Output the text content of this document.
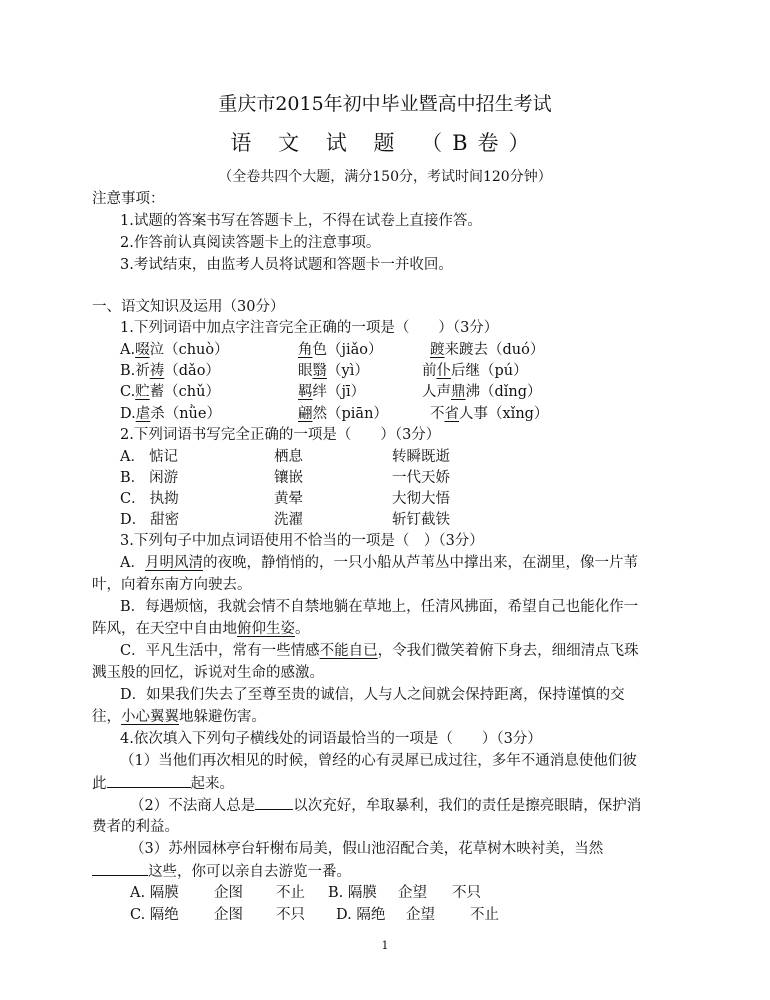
重庆市2015年初中毕业暨高中招生考试
语 文 试 题 （B卷）
（全卷共四个大题，满分150分，考试时间120分钟）
注意事项：
1.试题的答案书写在答题卡上，不得在试卷上直接作答。
2.作答前认真阅读答题卡上的注意事项。
3.考试结束，由监考人员将试题和答题卡一并收回。
一、语文知识及运用（30分）
1.下列词语中加点字注音完全正确的一项是（　　）（3分）
A.啜泣（chuò）	角色（jiǎo）	踱来踱去（duó）
B.祈祷（dǎo）	眼翳（yì）	前仆后继（pú）
C.贮蓄（chǔ）	羁绊（jī）	人声鼎沸（dǐng）
D.虐杀（nǜe）	翩然（piān）	不省人事（xǐng）
2.下列词语书写完全正确的一项是（　　）（3分）
A． 惦记	栖息	转瞬既逝
B． 闲游	镶嵌	一代天娇
C． 执拗	黄晕	大彻大悟
D． 甜密	洗濯	斩钉截铁
3.下列句子中加点词语使用不恰当的一项是（　）（3分）
A．月明风清的夜晚，静悄悄的，一只小船从芦苇丛中撑出来，在湖里，像一片苇
叶，向着东南方向驶去。
B．每遇烦恼，我就会情不自禁地躺在草地上，任清风拂面，希望自己也能化作一
阵风，在天空中自由地俯仰生姿。
C．平凡生活中，常有一些情感不能自已，令我们微笑着俯下身去，细细清点飞珠
溅玉般的回忆，诉说对生命的感激。
D．如果我们失去了至尊至贵的诚信，人与人之间就会保持距离，保持谨慎的交
往，小心翼翼地躲避伤害。
4.依次填入下列句子横线处的词语最恰当的一项是（　　）（3分）
（1）当他们再次相见的时候，曾经的心有灵犀已成过往，多年不通消息使他们彼
此	起来。
（2）不法商人总是	以次充好，牟取暴利，我们的责任是擦亮眼睛，保护消
费者的利益。
（3）苏州园林亭台轩榭布局美，假山池沼配合美，花草树木映衬美，当然
这些，你可以亲自去游览一番。
A. 隔膜 企图 不止 B. 隔膜 企望 不只
C. 隔绝 企图 不只 D. 隔绝 企望 不止
1
